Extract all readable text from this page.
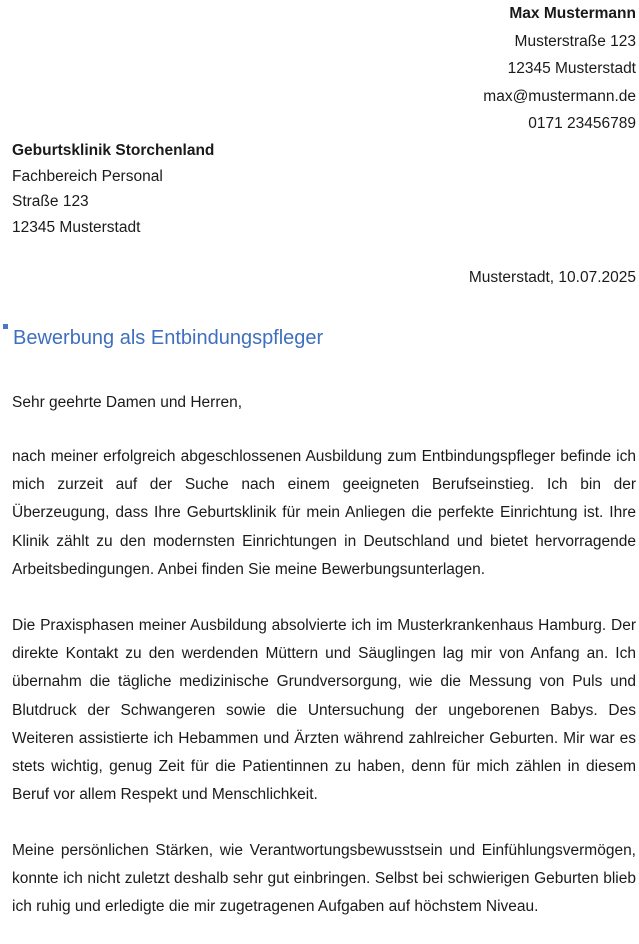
Max Mustermann
Musterstraße 123
12345 Musterstadt
max@mustermann.de
0171 23456789
Geburtsklinik Storchenland
Fachbereich Personal
Straße 123
12345 Musterstadt
Musterstadt, 10.07.2025
Bewerbung als Entbindungspfleger
Sehr geehrte Damen und Herren,
nach meiner erfolgreich abgeschlossenen Ausbildung zum Entbindungspfleger befinde ich mich zurzeit auf der Suche nach einem geeigneten Berufseinstieg. Ich bin der Überzeugung, dass Ihre Geburtsklinik für mein Anliegen die perfekte Einrichtung ist. Ihre Klinik zählt zu den modernsten Einrichtungen in Deutschland und bietet hervorragende Arbeitsbedingungen. Anbei finden Sie meine Bewerbungsunterlagen.
Die Praxisphasen meiner Ausbildung absolvierte ich im Musterkrankenhaus Hamburg. Der direkte Kontakt zu den werdenden Müttern und Säuglingen lag mir von Anfang an. Ich übernahm die tägliche medizinische Grundversorgung, wie die Messung von Puls und Blutdruck der Schwangeren sowie die Untersuchung der ungeborenen Babys. Des Weiteren assistierte ich Hebammen und Ärzten während zahlreicher Geburten. Mir war es stets wichtig, genug Zeit für die Patientinnen zu haben, denn für mich zählen in diesem Beruf vor allem Respekt und Menschlichkeit.
Meine persönlichen Stärken, wie Verantwortungsbewusstsein und Einfühlungsvermögen, konnte ich nicht zuletzt deshalb sehr gut einbringen. Selbst bei schwierigen Geburten blieb ich ruhig und erledigte die mir zugetragenen Aufgaben auf höchstem Niveau.
